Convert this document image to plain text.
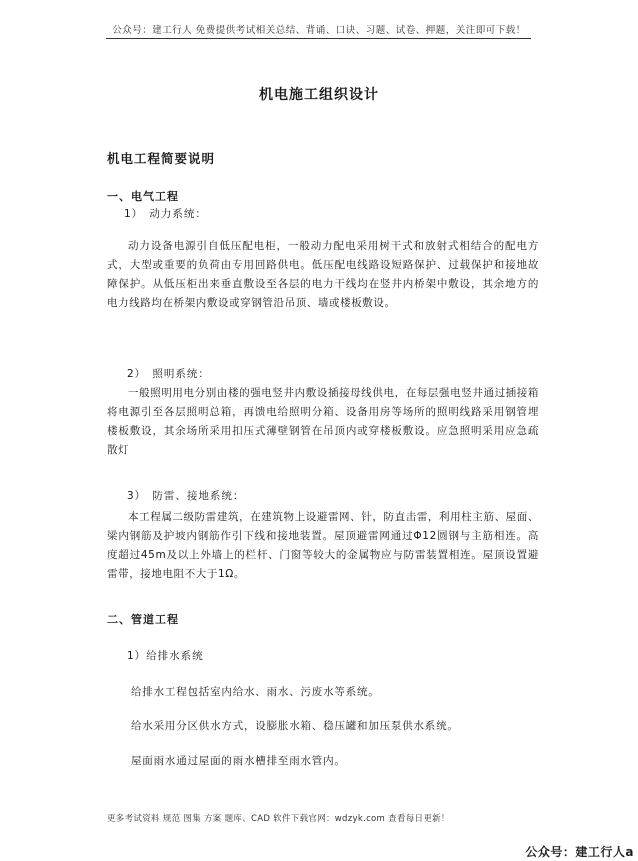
公众号：建工行人 免费提供考试相关总结、背诵、口诀、习题、试卷、押题，关注即可下载！
机电施工组织设计
机电工程简要说明
一、电气工程
1）　动力系统：
动力设备电源引自低压配电柜，一般动力配电采用树干式和放射式相结合的配电方式，大型或重要的负荷由专用回路供电。低压配电线路设短路保护、过载保护和接地故障保护。从低压柜出来垂直敷设至各层的电力干线均在竖井内桥架中敷设，其余地方的电力线路均在桥架内敷设或穿钢管沿吊顶、墙或楼板敷设。
2）　照明系统：
一般照明用电分别由楼的强电竖井内敷设插接母线供电，在每层强电竖井通过插接箱将电源引至各层照明总箱，再馈电给照明分箱、设备用房等场所的照明线路采用钢管埋楼板敷设，其余场所采用扣压式薄壁钢管在吊顶内或穿楼板敷设。应急照明采用应急疏散灯
3）　防雷、接地系统：
本工程属二级防雷建筑，在建筑物上设避雷网、针，防直击雷，利用柱主筋、屋面、梁内钢筋及护坡内钢筋作引下线和接地装置。屋顶避雷网通过Φ12圆钢与主筋相连。高度超过45m及以上外墙上的栏杆、门窗等较大的金属物应与防雷装置相连。屋顶设置避雷带，接地电阻不大于1Ω。
二、管道工程
1）给排水系统
给排水工程包括室内给水、雨水、污废水等系统。
给水采用分区供水方式，设膨胀水箱、稳压罐和加压泵供水系统。
屋面雨水通过屋面的雨水槽排至雨水管内。
更多考试资料 规范 图集 方案 题库、CAD 软件下载官网：wdzyk.com 查看每日更新！
公众号：建工行人a
